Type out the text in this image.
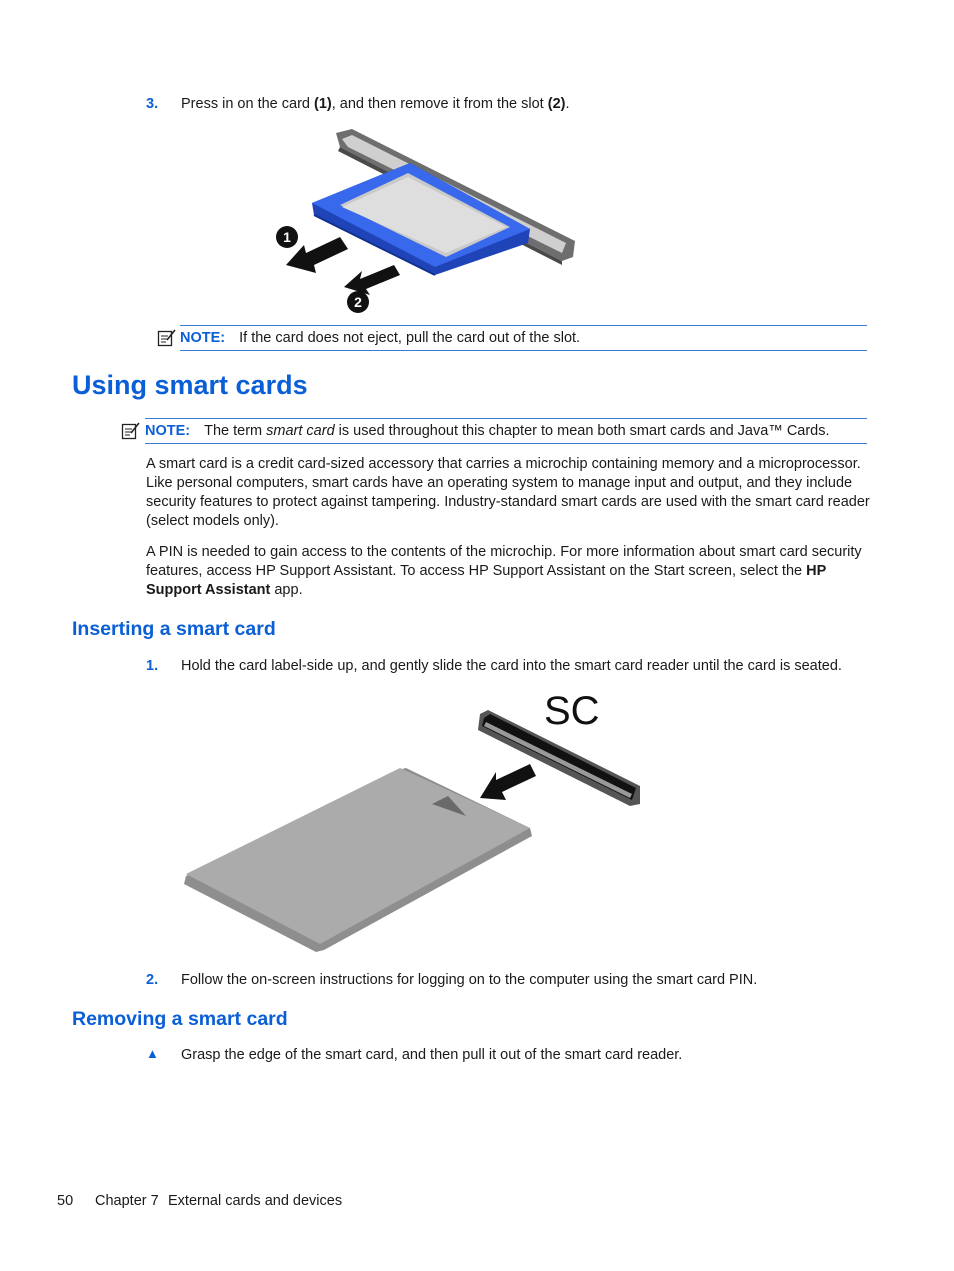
3. Press in on the card (1), and then remove it from the slot (2).
1
2
NOTE: If the card does not eject, pull the card out of the slot.
Using smart cards
NOTE: The term smart card is used throughout this chapter to mean both smart cards and Java™ Cards.

A smart card is a credit card-sized accessory that carries a microchip containing memory and a microprocessor. Like personal computers, smart cards have an operating system to manage input and output, and they include security features to protect against tampering. Industry-standard smart cards are used with the smart card reader (select models only).

A PIN is needed to gain access to the contents of the microchip. For more information about smart card security features, access HP Support Assistant. To access HP Support Assistant on the Start screen, select the HP Support Assistant app.

Inserting a smart card
1. Hold the card label-side up, and gently slide the card into the smart card reader until the card is seated.
SC
2. Follow the on-screen instructions for logging on to the computer using the smart card PIN.
Removing a smart card
▲ Grasp the edge of the smart card, and then pull it out of the smart card reader.
50 Chapter 7 External cards and devices
